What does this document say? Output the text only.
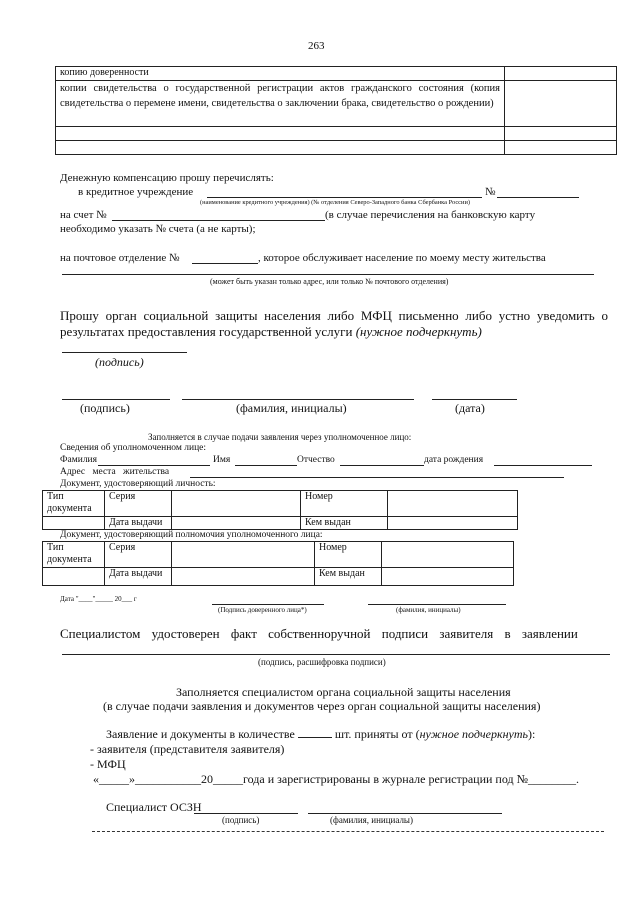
263
копию доверенности	
копии свидетельства о государственной регистрации актов гражданского состояния (копия свидетельства о перемене имени, свидетельства о заключении брака, свидетельство о рождении)	

Денежную компенсацию прошу перечислять:
в кредитное учреждение	№
(наименование кредитного учреждения) (№ отделения Северо-Западного банка Сбербанка России)
на счет №	(в случае перечисления на банковскую карту
необходимо указать № счета (а не карты);
на почтовое отделение №	, которое обслуживает население по моему месту жительства
(может быть указан только адрес, или только № почтового отделения)
Прошу орган социальной защиты населения либо МФЦ письменно либо устно уведомить о результатах предоставления государственной услуги (нужное подчеркнуть)
(подпись)
(подпись)	(фамилия, инициалы)	(дата)
Заполняется в случае подачи заявления через уполномоченное лицо:
Сведения об уполномоченном лице:
Фамилия	Имя	Отчество	дата рождения
Адрес места жительства
Документ, удостоверяющий личность:
Тип документа	Серия		Номер	
	Дата выдачи		Кем выдан	
Документ, удостоверяющий полномочия уполномоченного лица:
Тип документа	Серия		Номер	
	Дата выдачи		Кем выдан	
Дата "____"_____ 20___ г
(Подпись доверенного лица*)	(фамилия, инициалы)
Специалистом удостоверен факт собственноручной подписи заявителя в заявлении
(подпись, расшифровка подписи)
Заполняется специалистом органа социальной защиты населения
(в случае подачи заявления и документов через орган социальной защиты населения)
Заявление и документы в количестве	шт. приняты от (нужное подчеркнуть):
- заявителя (представителя заявителя)
- МФЦ
«_____»___________20_____года и зарегистрированы в журнале регистрации под №________.
Специалист ОСЗН
(подпись)	(фамилия, инициалы)
